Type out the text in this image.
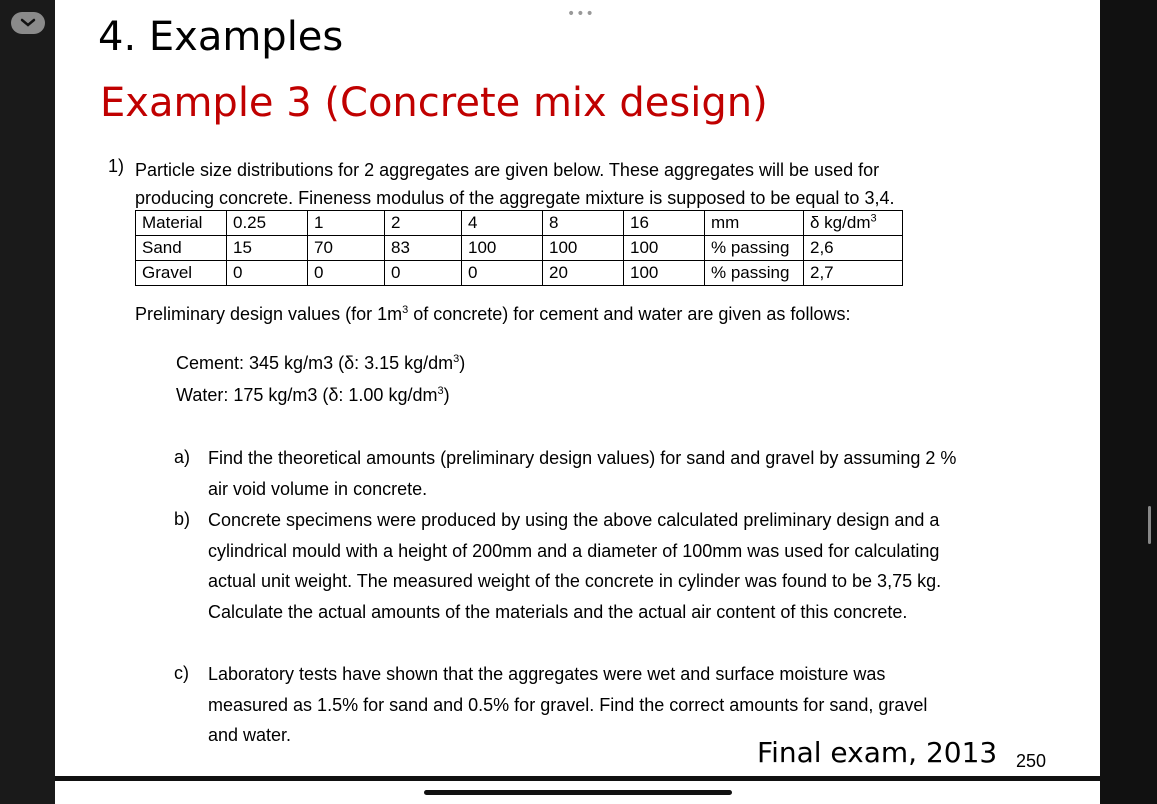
•••
4. Examples
Example 3 (Concrete mix design)
1) Particle size distributions for 2 aggregates are given below. These aggregates will be used for
producing concrete. Fineness modulus of the aggregate mixture is supposed to be equal to 3,4.
Material	0.25	1	2	4	8	16	mm	δ $kg/dm^3$
Sand	15	70	83	100	100	100	% passing	2,6
Gravel	0	0	0	0	20	100	% passing	2,7
Preliminary design values (for $1m^3$ of concrete) for cement and water are given as follows:
Cement: 345 kg/m3 (δ: 3.15 $kg/dm^3$)
Water: 175 kg/m3 (δ: 1.00 $kg/dm^3$)
a) Find the theoretical amounts (preliminary design values) for sand and gravel by assuming 2 % air void volume in concrete.
b) Concrete specimens were produced by using the above calculated preliminary design and a cylindrical mould with a height of 200mm and a diameter of 100mm was used for calculating actual unit weight. The measured weight of the concrete in cylinder was found to be 3,75 kg. Calculate the actual amounts of the materials and the actual air content of this concrete.
c) Laboratory tests have shown that the aggregates were wet and surface moisture was measured as 1.5% for sand and 0.5% for gravel. Find the correct amounts for sand, gravel and water.
Final exam, 2013 250
